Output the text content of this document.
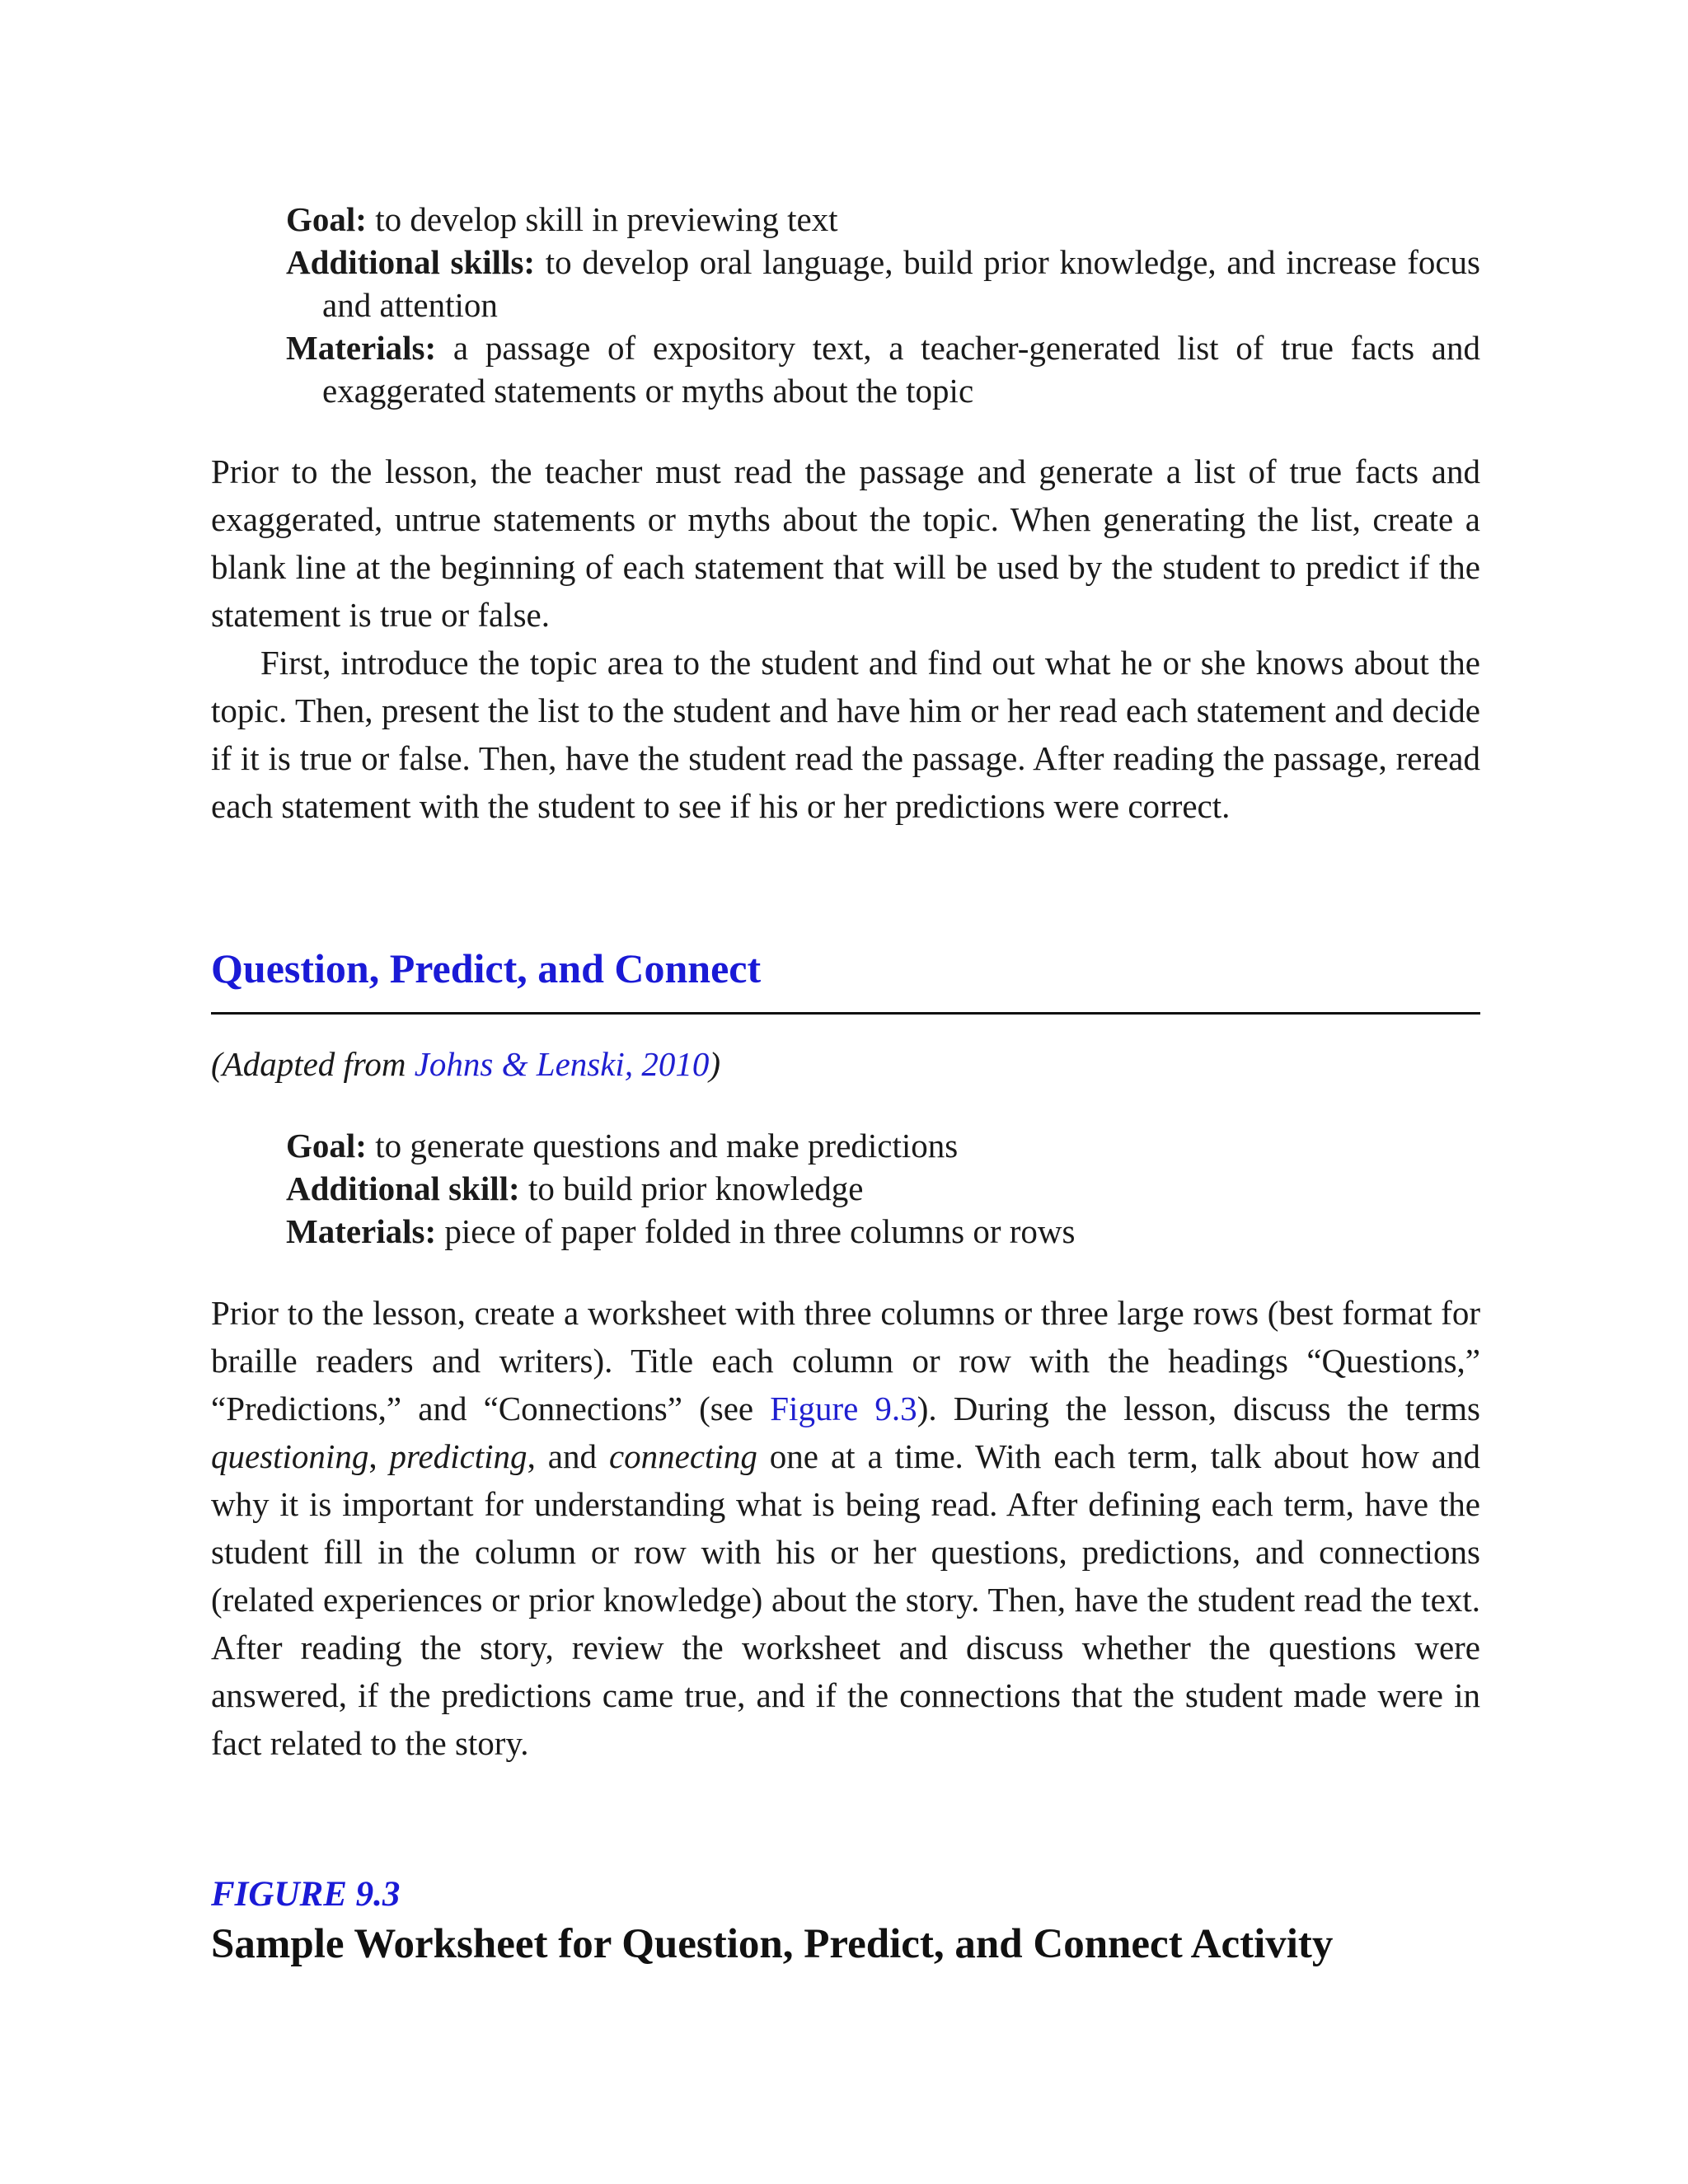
Goal: to develop skill in previewing text
Additional skills: to develop oral language, build prior knowledge, and increase focus and attention
Materials: a passage of expository text, a teacher-generated list of true facts and exaggerated statements or myths about the topic

Prior to the lesson, the teacher must read the passage and generate a list of true facts and exaggerated, untrue statements or myths about the topic. When generating the list, create a blank line at the beginning of each statement that will be used by the student to predict if the statement is true or false.

First, introduce the topic area to the student and find out what he or she knows about the topic. Then, present the list to the student and have him or her read each statement and decide if it is true or false. Then, have the student read the passage. After reading the passage, reread each statement with the student to see if his or her predictions were correct.

Question, Predict, and Connect
(Adapted from Johns & Lenski, 2010)
Goal: to generate questions and make predictions
Additional skill: to build prior knowledge
Materials: piece of paper folded in three columns or rows

Prior to the lesson, create a worksheet with three columns or three large rows (best format for braille readers and writers). Title each column or row with the headings “Questions,” “Predictions,” and “Connections” (see Figure 9.3). During the lesson, discuss the terms questioning, predicting, and connecting one at a time. With each term, talk about how and why it is important for understanding what is being read. After defining each term, have the student fill in the column or row with his or her questions, predictions, and connections (related experiences or prior knowledge) about the story. Then, have the student read the text. After reading the story, review the worksheet and discuss whether the questions were answered, if the predictions came true, and if the connections that the student made were in fact related to the story.

FIGURE 9.3
Sample Worksheet for Question, Predict, and Connect Activity
